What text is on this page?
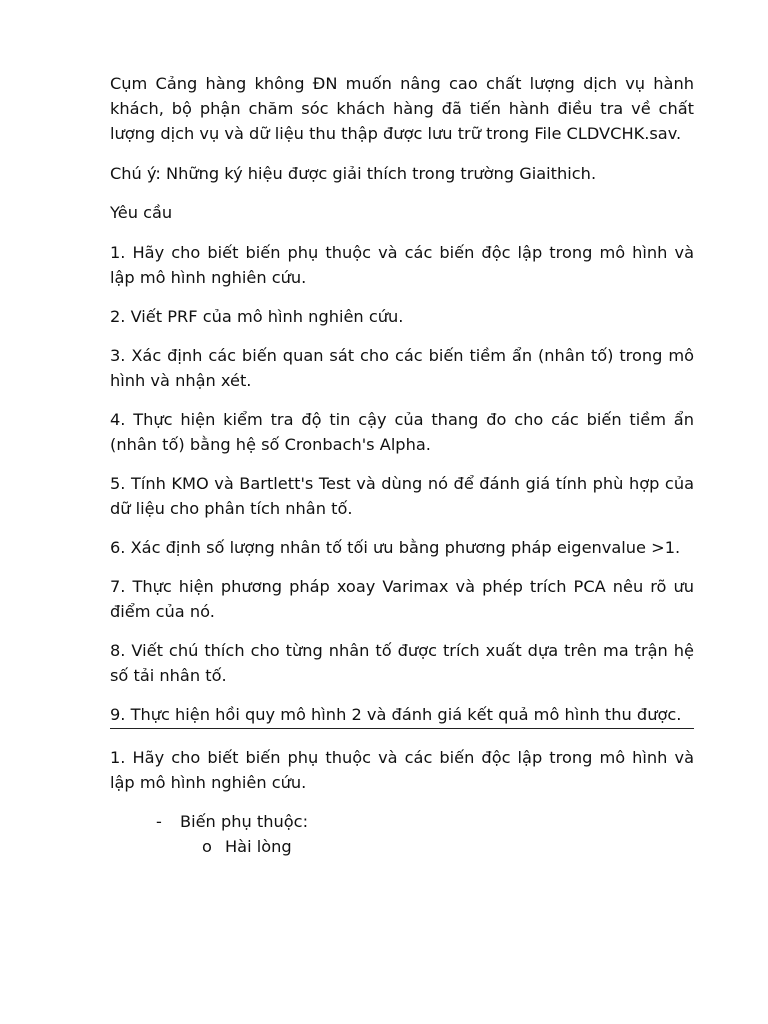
Cụm Cảng hàng không ĐN muốn nâng cao chất lượng dịch vụ hành khách, bộ phận chăm sóc khách hàng đã tiến hành điều tra về chất lượng dịch vụ và dữ liệu thu thập được lưu trữ trong File CLDVCHK.sav.

Chú ý: Những ký hiệu được giải thích trong trường Giaithich.

Yêu cầu

1. Hãy cho biết biến phụ thuộc và các biến độc lập trong mô hình và lập mô hình nghiên cứu.

2. Viết PRF của mô hình nghiên cứu.

3. Xác định các biến quan sát cho các biến tiềm ẩn (nhân tố) trong mô hình và nhận xét.

4. Thực hiện kiểm tra độ tin cậy của thang đo cho các biến tiềm ẩn (nhân tố) bằng hệ số Cronbach's Alpha.

5. Tính KMO và Bartlett's Test và dùng nó để đánh giá tính phù hợp của dữ liệu cho phân tích nhân tố.

6. Xác định số lượng nhân tố tối ưu bằng phương pháp eigenvalue >1.

7. Thực hiện phương pháp xoay Varimax và phép trích PCA nêu rõ ưu điểm của nó.

8. Viết chú thích cho từng nhân tố được trích xuất dựa trên ma trận hệ số tải nhân tố.

9. Thực hiện hồi quy mô hình 2 và đánh giá kết quả mô hình thu được.

1. Hãy cho biết biến phụ thuộc và các biến độc lập trong mô hình và lập mô hình nghiên cứu.

- Biến phụ thuộc:
o Hài lòng
